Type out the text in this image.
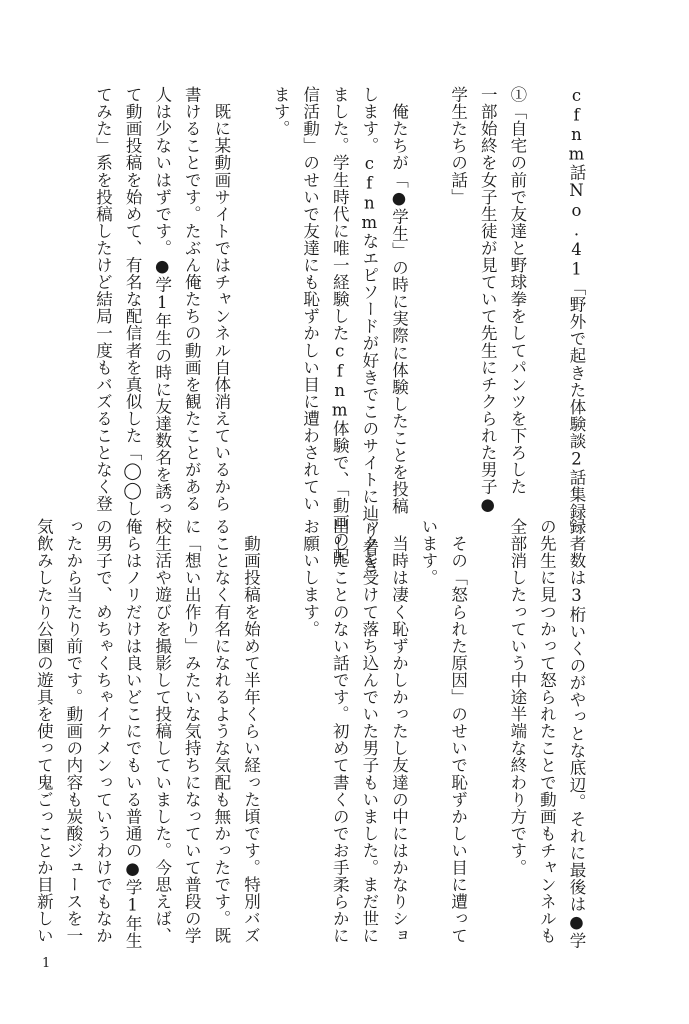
cfnm話No.41「野外で起きた体験談2話集録」

①「自宅の前で友達と野球拳をしてパンツを下ろした
一部始終を女子生徒が見ていて先生にチクられた男子●
学生たちの話」

　俺たちが「●学生」の時に実際に体験したことを投稿
します。cfnmなエピソードが好きでこのサイトに辿り着き
ました。学生時代に唯一経験したcfnm体験で、「動画の配
信活動」のせいで友達にも恥ずかしい目に遭わされてい
ます。

　既に某動画サイトではチャンネル自体消えているから
書けることです。たぶん俺たちの動画を観たことがある
人は少ないはずです。●学1年生の時に友達数名を誘っ
て動画投稿を始めて、有名な配信者を真似した「◯◯し
てみた」系を投稿したけど結局一度もバズることなく登
録者数は3桁いくのがやっとな底辺。それに最後は●学
の先生に見つかって怒られたことで動画もチャンネルも
全部消したっていう中途半端な終わり方です。

　その「怒られた原因」のせいで恥ずかしい目に遭って
います。
　当時は凄く恥ずかしかったし友達の中にはかなりショ
ックを受けて落ち込んでいた男子もいました。まだ世に
出したことのない話です。初めて書くのでお手柔らかに
お願いします。

　動画投稿を始めて半年くらい経った頃です。特別バズ
ることなく有名になれるような気配も無かったです。既
に「想い出作り」みたいな気持ちになっていて普段の学
校生活や遊びを撮影して投稿していました。今思えば、
俺らはノリだけは良いどこにでもいる普通の●学1年生
の男子で、めちゃくちゃイケメンっていうわけでもなか
ったから当たり前です。動画の内容も炭酸ジュースを一
気飲みしたり公園の遊具を使って鬼ごっことか目新しい
1
